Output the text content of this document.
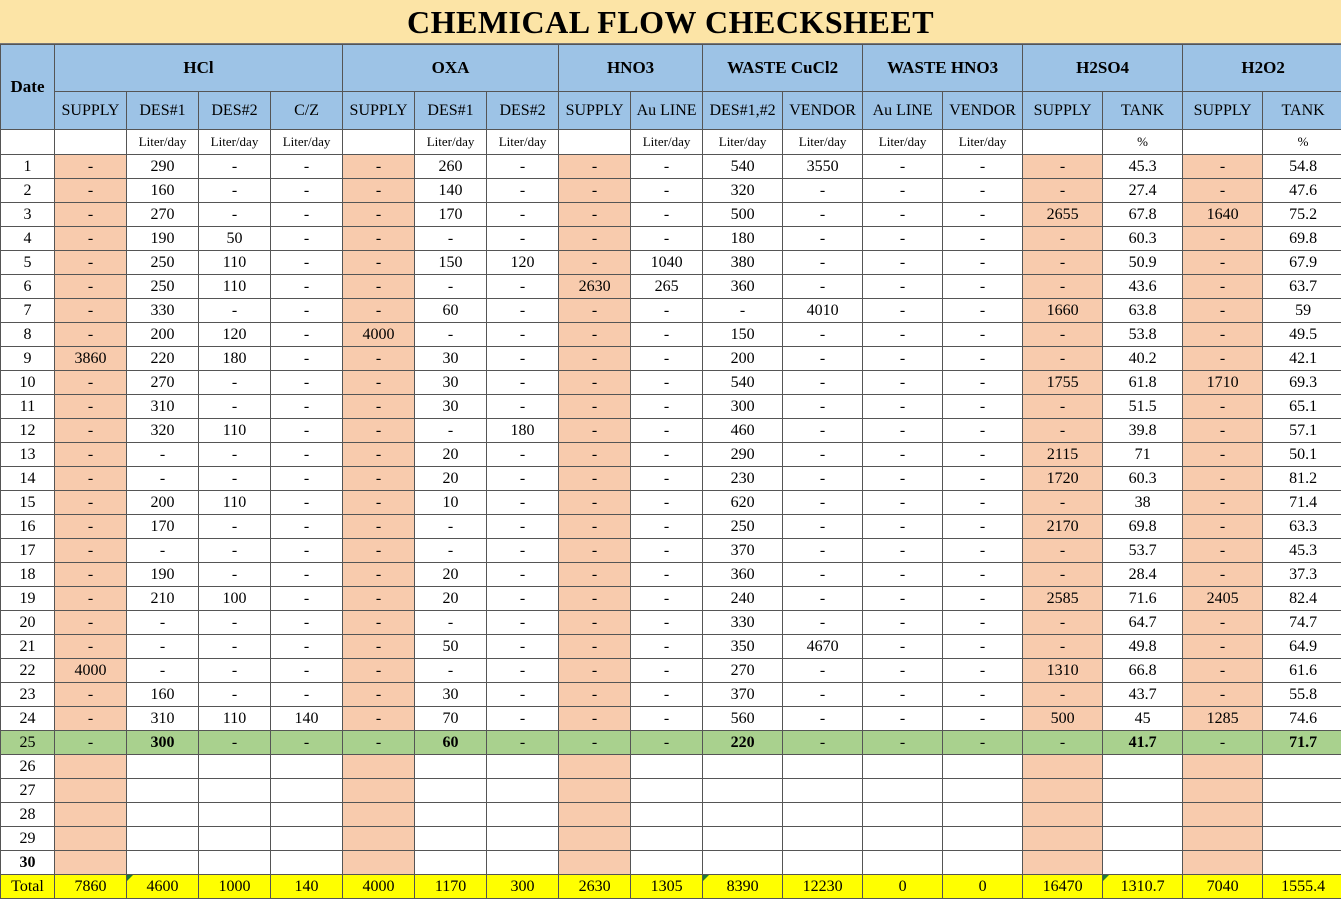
CHEMICAL FLOW CHECKSHEET
Date	HCl				OXA			HNO3		WASTE CuCl2		WASTE HNO3		H2SO4		H2O2	
	SUPPLY	DES#1	DES#2	C/Z	SUPPLY	DES#1	DES#2	SUPPLY	Au LINE	DES#1,#2	VENDOR	Au LINE	VENDOR	SUPPLY	TANK	SUPPLY	TANK
		Liter/day	Liter/day	Liter/day		Liter/day	Liter/day		Liter/day	Liter/day	Liter/day	Liter/day	Liter/day		%		%
1	-	290	-	-	-	260	-	-	-	540	3550	-	-	-	45.3	-	54.8
2	-	160	-	-	-	140	-	-	-	320	-	-	-	-	27.4	-	47.6
3	-	270	-	-	-	170	-	-	-	500	-	-	-	2655	67.8	1640	75.2
4	-	190	50	-	-	-	-	-	-	180	-	-	-	-	60.3	-	69.8
5	-	250	110	-	-	150	120	-	1040	380	-	-	-	-	50.9	-	67.9
6	-	250	110	-	-	-	-	2630	265	360	-	-	-	-	43.6	-	63.7
7	-	330	-	-	-	60	-	-	-	-	4010	-	-	1660	63.8	-	59
8	-	200	120	-	4000	-	-	-	-	150	-	-	-	-	53.8	-	49.5
9	3860	220	180	-	-	30	-	-	-	200	-	-	-	-	40.2	-	42.1
10	-	270	-	-	-	30	-	-	-	540	-	-	-	1755	61.8	1710	69.3
11	-	310	-	-	-	30	-	-	-	300	-	-	-	-	51.5	-	65.1
12	-	320	110	-	-	-	180	-	-	460	-	-	-	-	39.8	-	57.1
13	-	-	-	-	-	20	-	-	-	290	-	-	-	2115	71	-	50.1
14	-	-	-	-	-	20	-	-	-	230	-	-	-	1720	60.3	-	81.2
15	-	200	110	-	-	10	-	-	-	620	-	-	-	-	38	-	71.4
16	-	170	-	-	-	-	-	-	-	250	-	-	-	2170	69.8	-	63.3
17	-	-	-	-	-	-	-	-	-	370	-	-	-	-	53.7	-	45.3
18	-	190	-	-	-	20	-	-	-	360	-	-	-	-	28.4	-	37.3
19	-	210	100	-	-	20	-	-	-	240	-	-	-	2585	71.6	2405	82.4
20	-	-	-	-	-	-	-	-	-	330	-	-	-	-	64.7	-	74.7
21	-	-	-	-	-	50	-	-	-	350	4670	-	-	-	49.8	-	64.9
22	4000	-	-	-	-	-	-	-	-	270	-	-	-	1310	66.8	-	61.6
23	-	160	-	-	-	30	-	-	-	370	-	-	-	-	43.7	-	55.8
24	-	310	110	140	-	70	-	-	-	560	-	-	-	500	45	1285	74.6
25	-	300	-	-	-	60	-	-	-	220	-	-	-	-	41.7	-	71.7
26																	
27																	
28																	
29																	
30																	
Total	7860	4600	1000	140	4000	1170	300	2630	1305	8390	12230	0	0	16470	1310.7	7040	1555.4
